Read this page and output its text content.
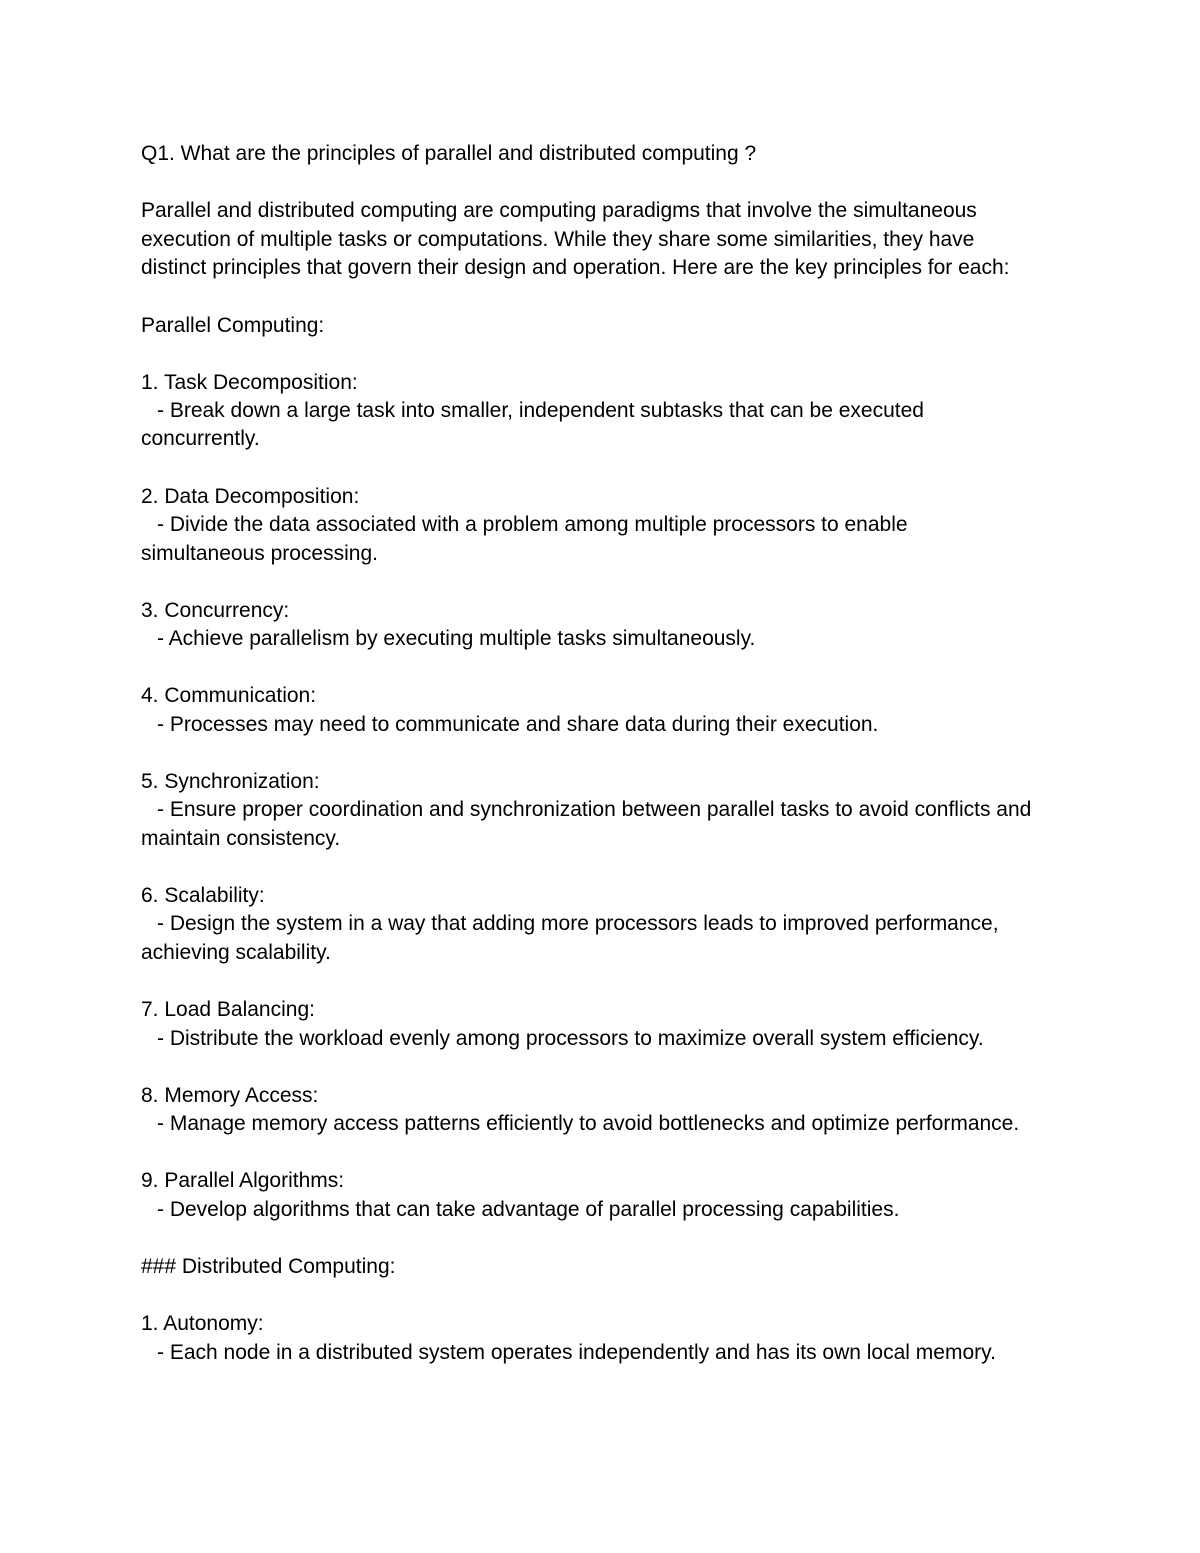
Q1. What are the principles of parallel and distributed computing ?

Parallel and distributed computing are computing paradigms that involve the simultaneous

execution of multiple tasks or computations. While they share some similarities, they have

distinct principles that govern their design and operation. Here are the key principles for each:

Parallel Computing:

1. Task Decomposition:

- Break down a large task into smaller, independent subtasks that can be executed

concurrently.

2. Data Decomposition:

- Divide the data associated with a problem among multiple processors to enable

simultaneous processing.

3. Concurrency:

- Achieve parallelism by executing multiple tasks simultaneously.

4. Communication:

- Processes may need to communicate and share data during their execution.

5. Synchronization:

- Ensure proper coordination and synchronization between parallel tasks to avoid conflicts and

maintain consistency.

6. Scalability:

- Design the system in a way that adding more processors leads to improved performance,

achieving scalability.

7. Load Balancing:

- Distribute the workload evenly among processors to maximize overall system efficiency.

8. Memory Access:

- Manage memory access patterns efficiently to avoid bottlenecks and optimize performance.

9. Parallel Algorithms:

- Develop algorithms that can take advantage of parallel processing capabilities.

### Distributed Computing:

1. Autonomy:

- Each node in a distributed system operates independently and has its own local memory.
